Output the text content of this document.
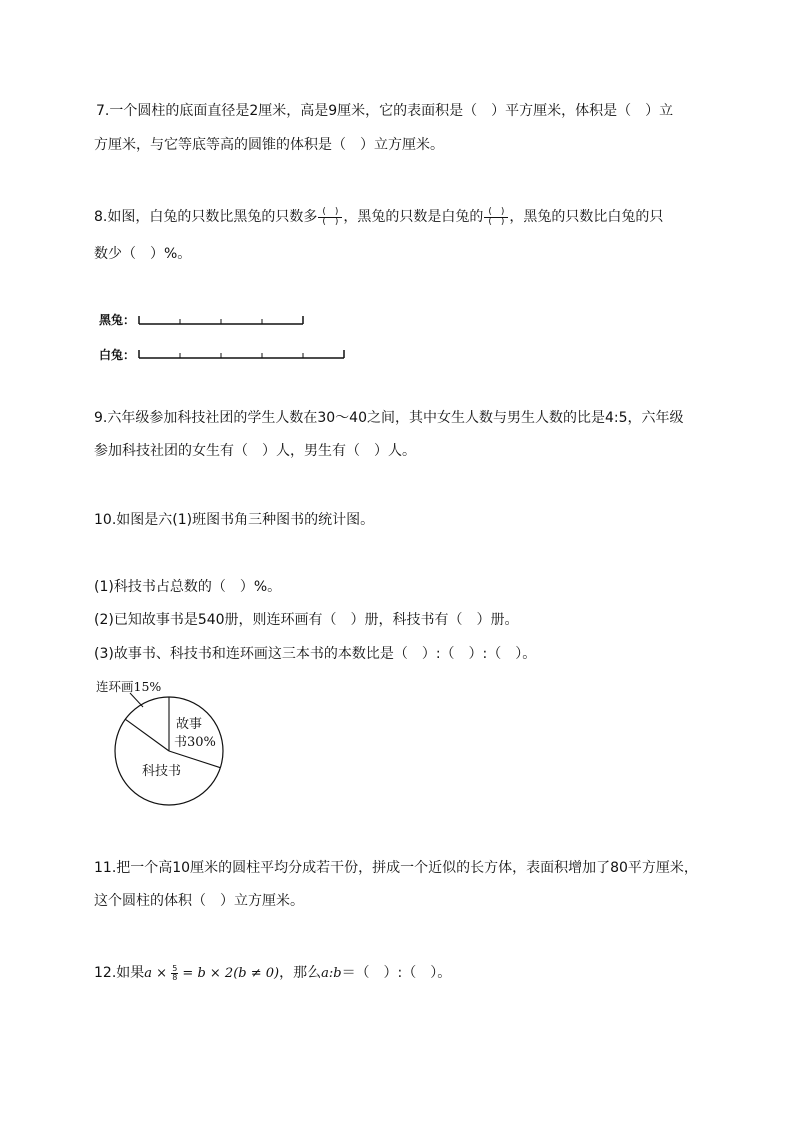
7.一个圆柱的底面直径是2厘米，高是9厘米，它的表面积是（　）平方厘米，体积是（　）立
方厘米，与它等底等高的圆锥的体积是（　）立方厘米。
8.如图，白兔的只数比黑兔的只数多 $\frac{( )}{( )}$ ，黑兔的只数是白兔的 $\frac{( )}{( )}$ ，黑兔的只数比白兔的只
数少（　）%。
黑兔：
白兔：
9.六年级参加科技社团的学生人数在30～40之间，其中女生人数与男生人数的比是4:5，六年级
参加科技社团的女生有（　）人，男生有（　）人。
10.如图是六(1)班图书角三种图书的统计图。
(1)科技书占总数的（　）%。
(2)已知故事书是540册，则连环画有（　）册，科技书有（　）册。
(3)故事书、科技书和连环画这三本书的本数比是（　）:（　）:（　）。
连环画15%
故事
书30%
科技书
11.把一个高10厘米的圆柱平均分成若干份，拼成一个近似的长方体，表面积增加了80平方厘米，
这个圆柱的体积（　）立方厘米。
12.如果$a \times \frac{5}{8} = b \times 2(b \ne 0)$，那么a:b＝（　）:（　）。
